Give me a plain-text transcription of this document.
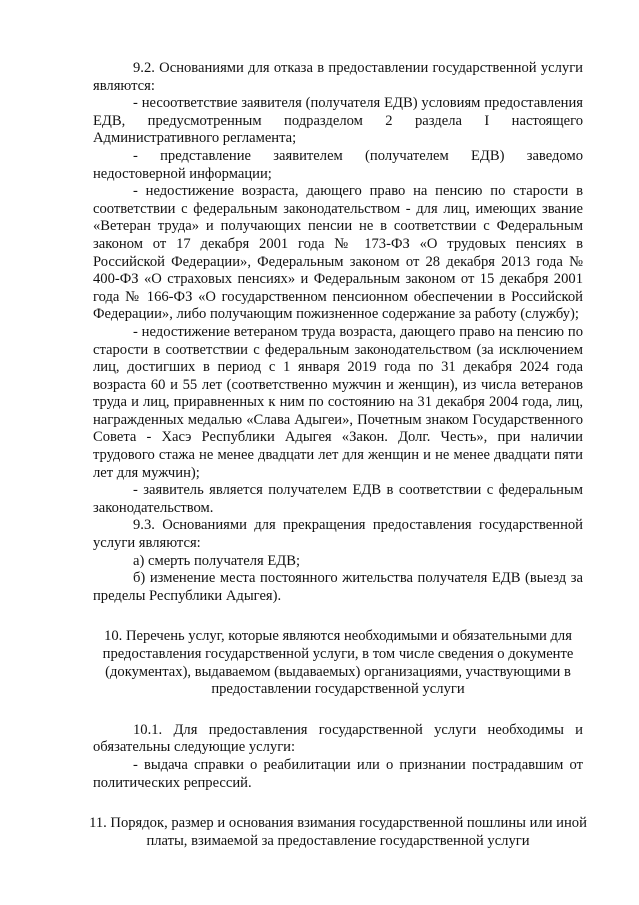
9.2. Основаниями для отказа в предоставлении государственной услуги являются:

- несоответствие заявителя (получателя ЕДВ) условиям предоставления ЕДВ, предусмотренным подразделом 2 раздела I настоящего Административного регламента;

- представление заявителем (получателем ЕДВ) заведомо недостоверной информации;

- недостижение возраста, дающего право на пенсию по старости в соответствии с федеральным законодательством - для лиц, имеющих звание «Ветеран труда» и получающих пенсии не в соответствии с Федеральным законом от 17 декабря 2001 года № 173-ФЗ «О трудовых пенсиях в Российской Федерации», Федеральным законом от 28 декабря 2013 года № 400-ФЗ «О страховых пенсиях» и Федеральным законом от 15 декабря 2001 года № 166-ФЗ «О государственном пенсионном обеспечении в Российской Федерации», либо получающим пожизненное содержание за работу (службу);

- недостижение ветераном труда возраста, дающего право на пенсию по старости в соответствии с федеральным законодательством (за исключением лиц, достигших в период с 1 января 2019 года по 31 декабря 2024 года возраста 60 и 55 лет (соответственно мужчин и женщин), из числа ветеранов труда и лиц, приравненных к ним по состоянию на 31 декабря 2004 года, лиц, награжденных медалью «Слава Адыгеи», Почетным знаком Государственного Совета - Хасэ Республики Адыгея «Закон. Долг. Честь», при наличии трудового стажа не менее двадцати лет для женщин и не менее двадцати пяти лет для мужчин);

- заявитель является получателем ЕДВ в соответствии с федеральным законодательством.

9.3. Основаниями для прекращения предоставления государственной услуги являются:

а) смерть получателя ЕДВ;

б) изменение места постоянного жительства получателя ЕДВ (выезд за пределы Республики Адыгея).

10. Перечень услуг, которые являются необходимыми и обязательными для предоставления государственной услуги, в том числе сведения о документе (документах), выдаваемом (выдаваемых) организациями, участвующими в предоставлении государственной услуги

10.1. Для предоставления государственной услуги необходимы и обязательны следующие услуги:

- выдача справки о реабилитации или о признании пострадавшим от политических репрессий.

11. Порядок, размер и основания взимания государственной пошлины или иной платы, взимаемой за предоставление государственной услуги
